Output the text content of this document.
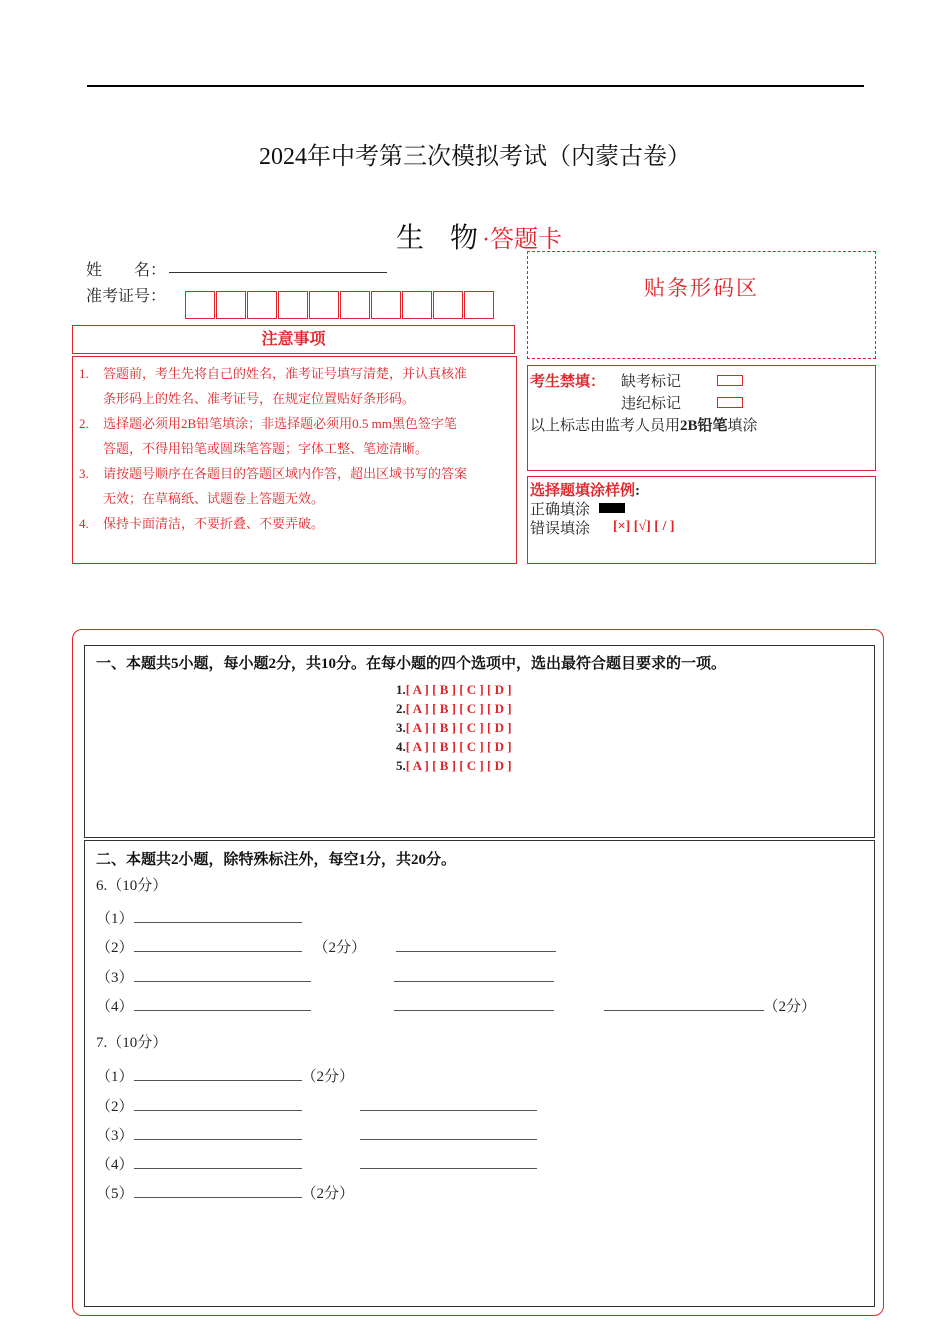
2024年中考第三次模拟考试（内蒙古卷）
生  物·答题卡
姓　　名：
准考证号：
注意事项
1.	答题前，考生先将自己的姓名，准考证号填写清楚，并认真核准
条形码上的姓名、准考证号，在规定位置贴好条形码。
2.	选择题必须用2B铅笔填涂；非选择题必须用0.5 mm黑色签字笔
答题，不得用铅笔或圆珠笔答题；字体工整、笔迹清晰。
3.	请按题号顺序在各题目的答题区域内作答，超出区域书写的答案
无效；在草稿纸、试题卷上答题无效。
4.	保持卡面清洁，不要折叠、不要弄破。
贴条形码区
考生禁填： 缺考标记
违纪标记
以上标志由监考人员用2B铅笔填涂
选择题填涂样例:
正确填涂
错误填涂 [×] [√] [ / ]
一、本题共5小题，每小题2分，共10分。在每小题的四个选项中，选出最符合题目要求的一项。
1.[ A ] [ B ] [ C ] [ D ]
2.[ A ] [ B ] [ C ] [ D ]
3.[ A ] [ B ] [ C ] [ D ]
4.[ A ] [ B ] [ C ] [ D ]
5.[ A ] [ B ] [ C ] [ D ]
二、本题共2小题，除特殊标注外，每空1分，共20分。
6.（10分）
（1）
（2）	（2分）
（3）
（4）	（2分）
7.（10分）
（1）	（2分）
（2）
（3）
（4）
（5）	（2分）
